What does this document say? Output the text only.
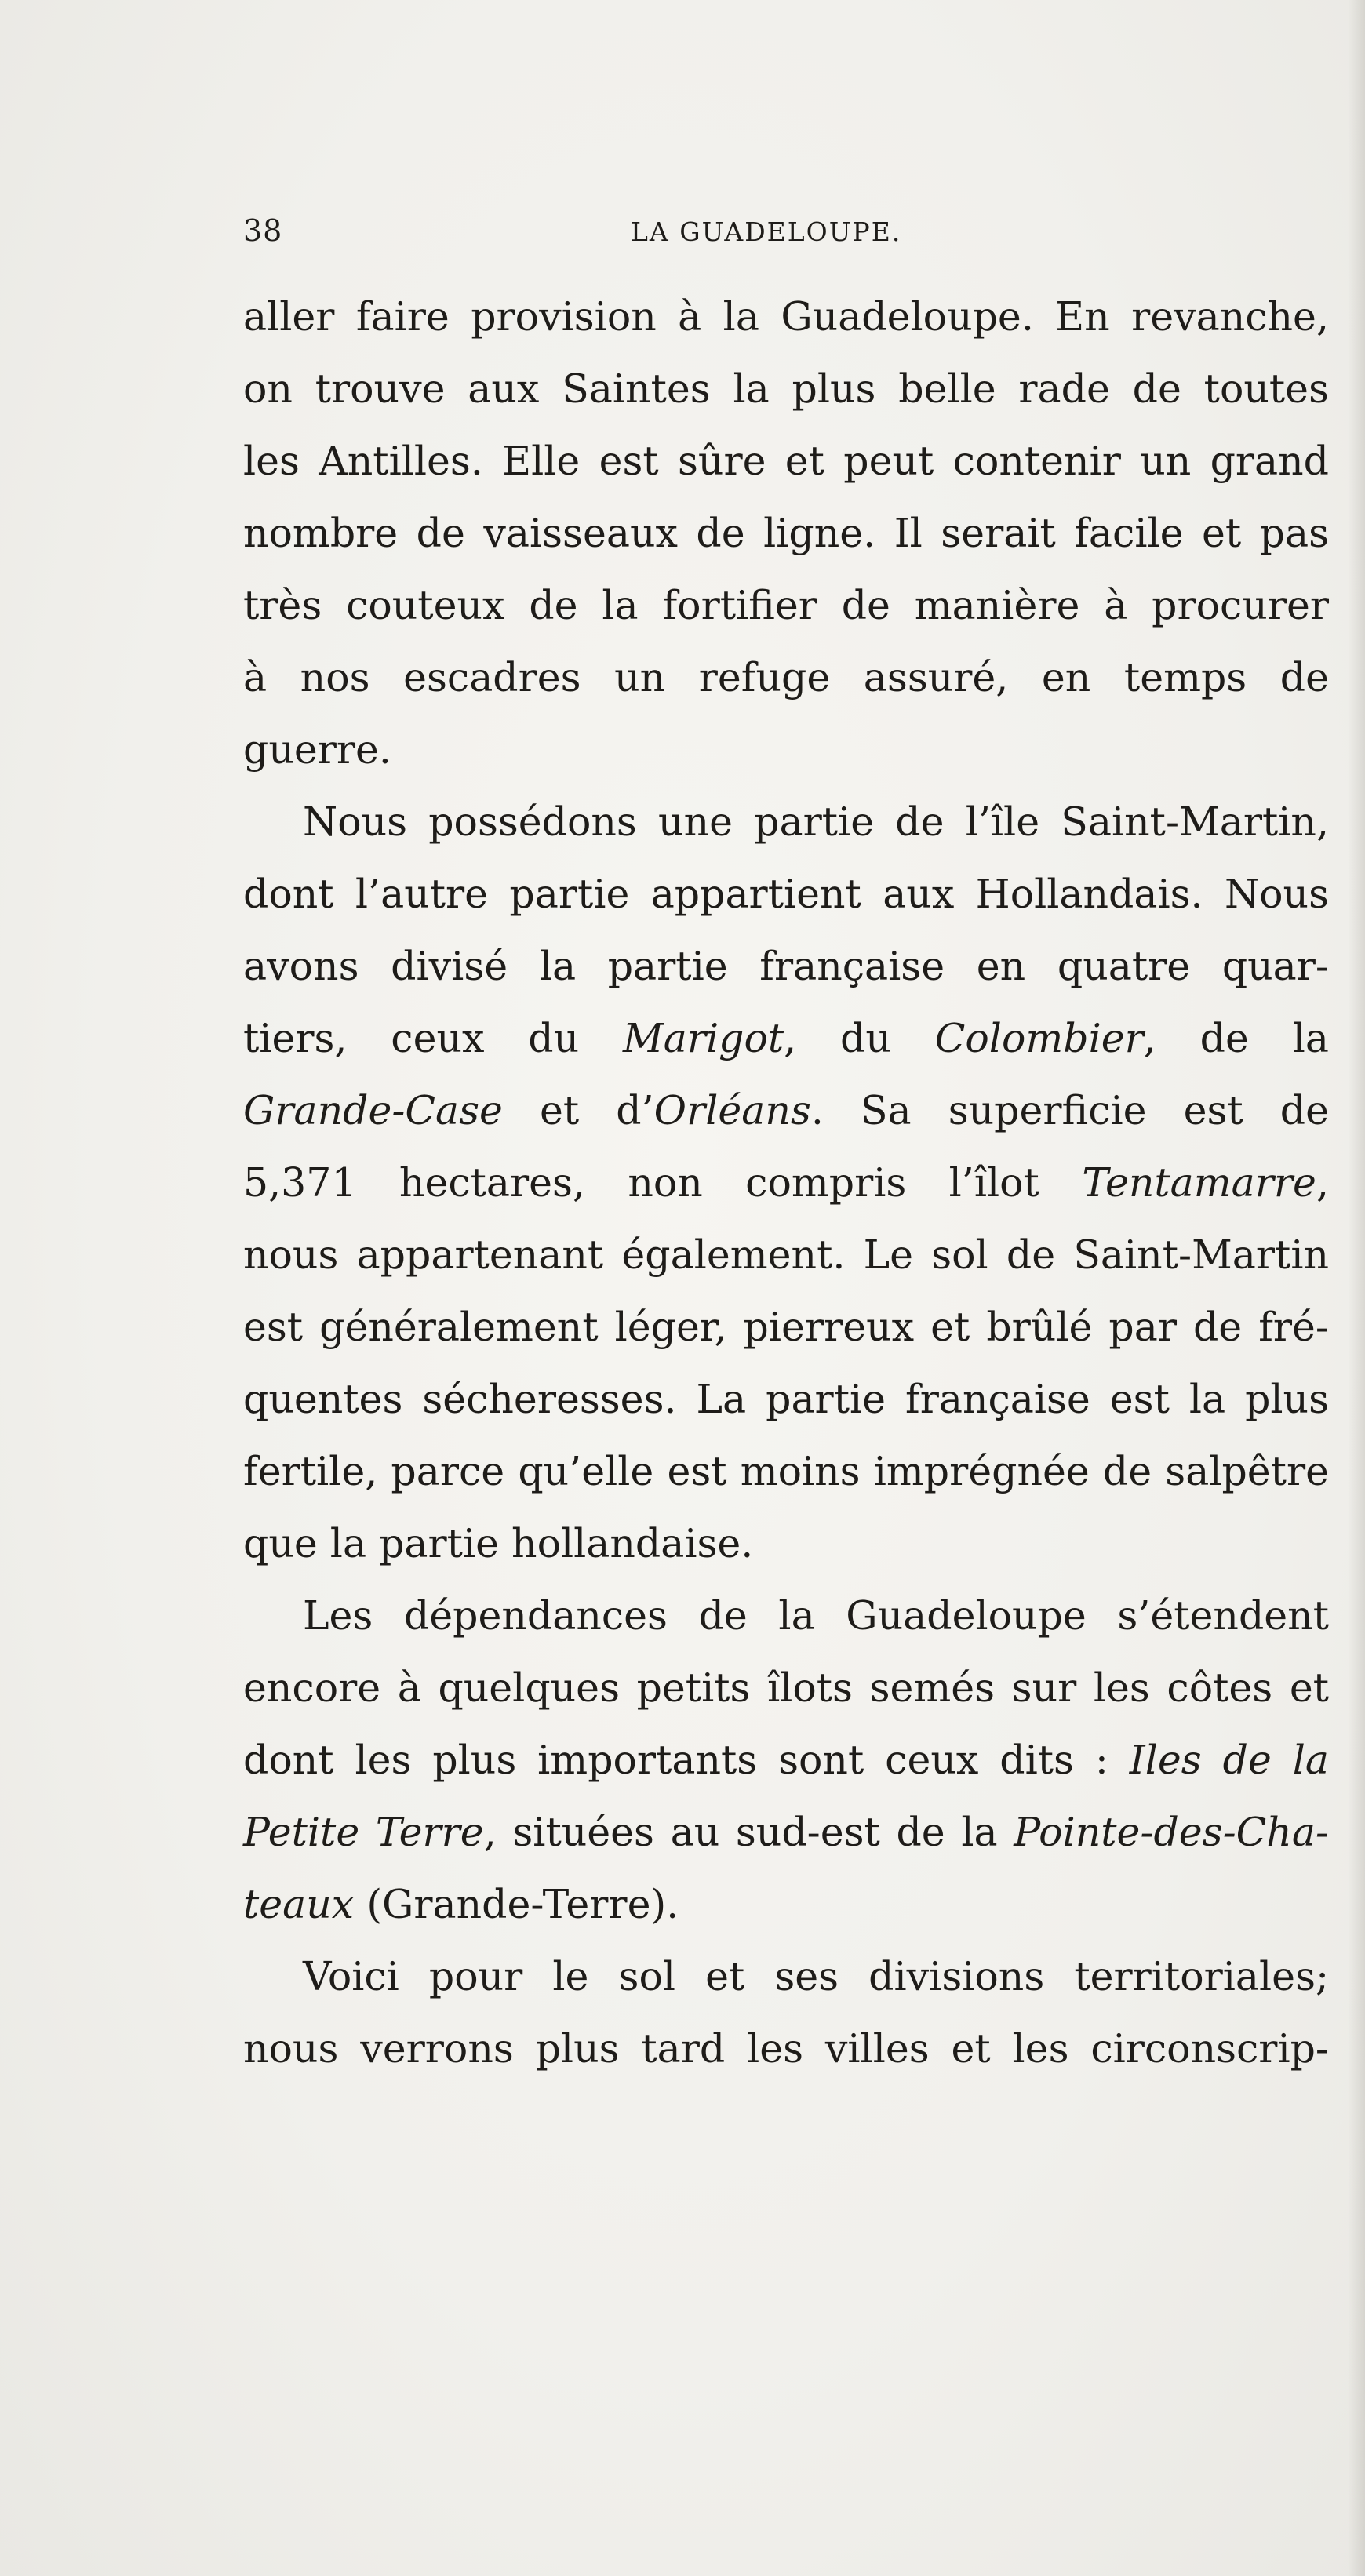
38	LA GUADELOUPE.
aller faire provision à la Guadeloupe. En revanche,
on trouve aux Saintes la plus belle rade de toutes
les Antilles. Elle est sûre et peut contenir un grand
nombre de vaisseaux de ligne. Il serait facile et pas
très couteux de la fortifier de manière à procurer
à nos escadres un refuge assuré, en temps de
guerre.
Nous possédons une partie de l’île Saint-Martin,
dont l’autre partie appartient aux Hollandais. Nous
avons divisé la partie française en quatre quar-
tiers, ceux du Marigot, du Colombier, de la
Grande-Case et d’Orléans. Sa superficie est de
5,371 hectares, non compris l’îlot Tentamarre,
nous appartenant également. Le sol de Saint-Martin
est généralement léger, pierreux et brûlé par de fré-
quentes sécheresses. La partie française est la plus
fertile, parce qu’elle est moins imprégnée de salpêtre
que la partie hollandaise.
Les dépendances de la Guadeloupe s’étendent
encore à quelques petits îlots semés sur les côtes et
dont les plus importants sont ceux dits : Iles de la
Petite Terre, situées au sud-est de la Pointe-des-Cha-
teaux (Grande-Terre).
Voici pour le sol et ses divisions territoriales;
nous verrons plus tard les villes et les circonscrip-
